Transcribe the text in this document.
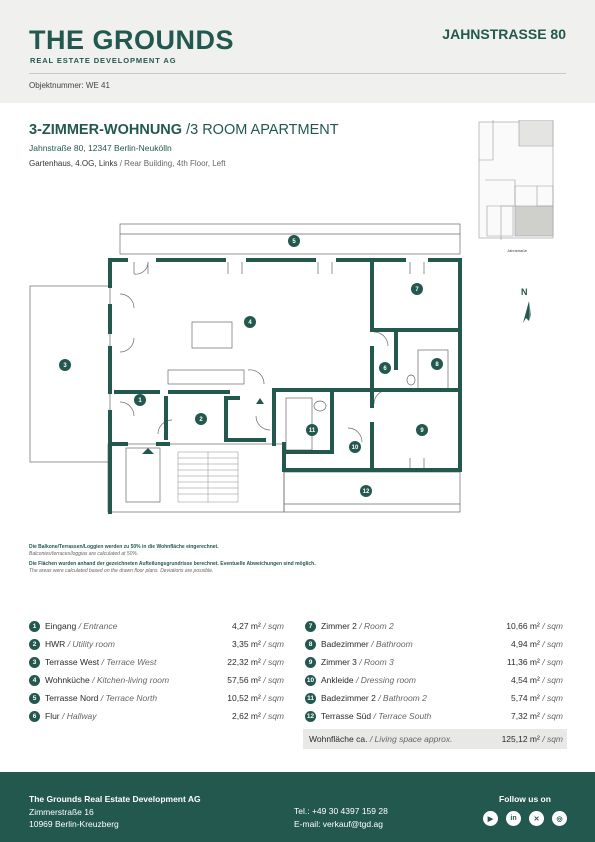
THE GROUNDS
REAL ESTATE DEVELOPMENT AG
JAHNSTRASSE 80
Objektnummer: WE 41
3-ZIMMER-WOHNUNG /3 ROOM APARTMENT
Jahnstraße 80, 12347 Berlin-Neukölln
Gartenhaus, 4.OG, Links / Rear Building, 4th Floor, Left
Jahnstraße
N
1
2
3
4
5
6
7
8
9
10
11
12
Die Balkone/Terrassen/Loggien werden zu 50% in die Wohnfläche eingerechnet.
Balconies/terraces/loggias are calculated at 50%.
Die Flächen wurden anhand der gezeichneten Aufteilungsgrundrisse berechnet. Eventuelle Abweichungen sind möglich.
The areas were calculated based on the drawn floor plans. Deviations are possible.
1	Eingang / Entrance	4,27 m² / sqm
2	HWR / Utility room	3,35 m² / sqm
3	Terrasse West / Terrace West	22,32 m² / sqm
4	Wohnküche / Kitchen-living room	57,56 m² / sqm
5	Terrasse Nord / Terrace North	10,52 m² / sqm
6	Flur / Hallway	2,62 m² / sqm
7	Zimmer 2 / Room 2	10,66 m² / sqm
8	Badezimmer / Bathroom	4,94 m² / sqm
9	Zimmer 3 / Room 3	11,36 m² / sqm
10 Ankleide / Dressing room	4,54 m² / sqm
11 Badezimmer 2 / Bathroom 2	5,74 m² / sqm
12 Terrasse Süd / Terrace South	7,32 m² / sqm
Wohnfläche ca. / Living space approx.	125,12 m² / sqm
The Grounds Real Estate Development AG
Zimmerstraße 16
10969 Berlin-Kreuzberg
Tel.: +49 30 4397 159 28
E-mail: verkauf@tgd.ag
Follow us on
▶	in	✕	◎
